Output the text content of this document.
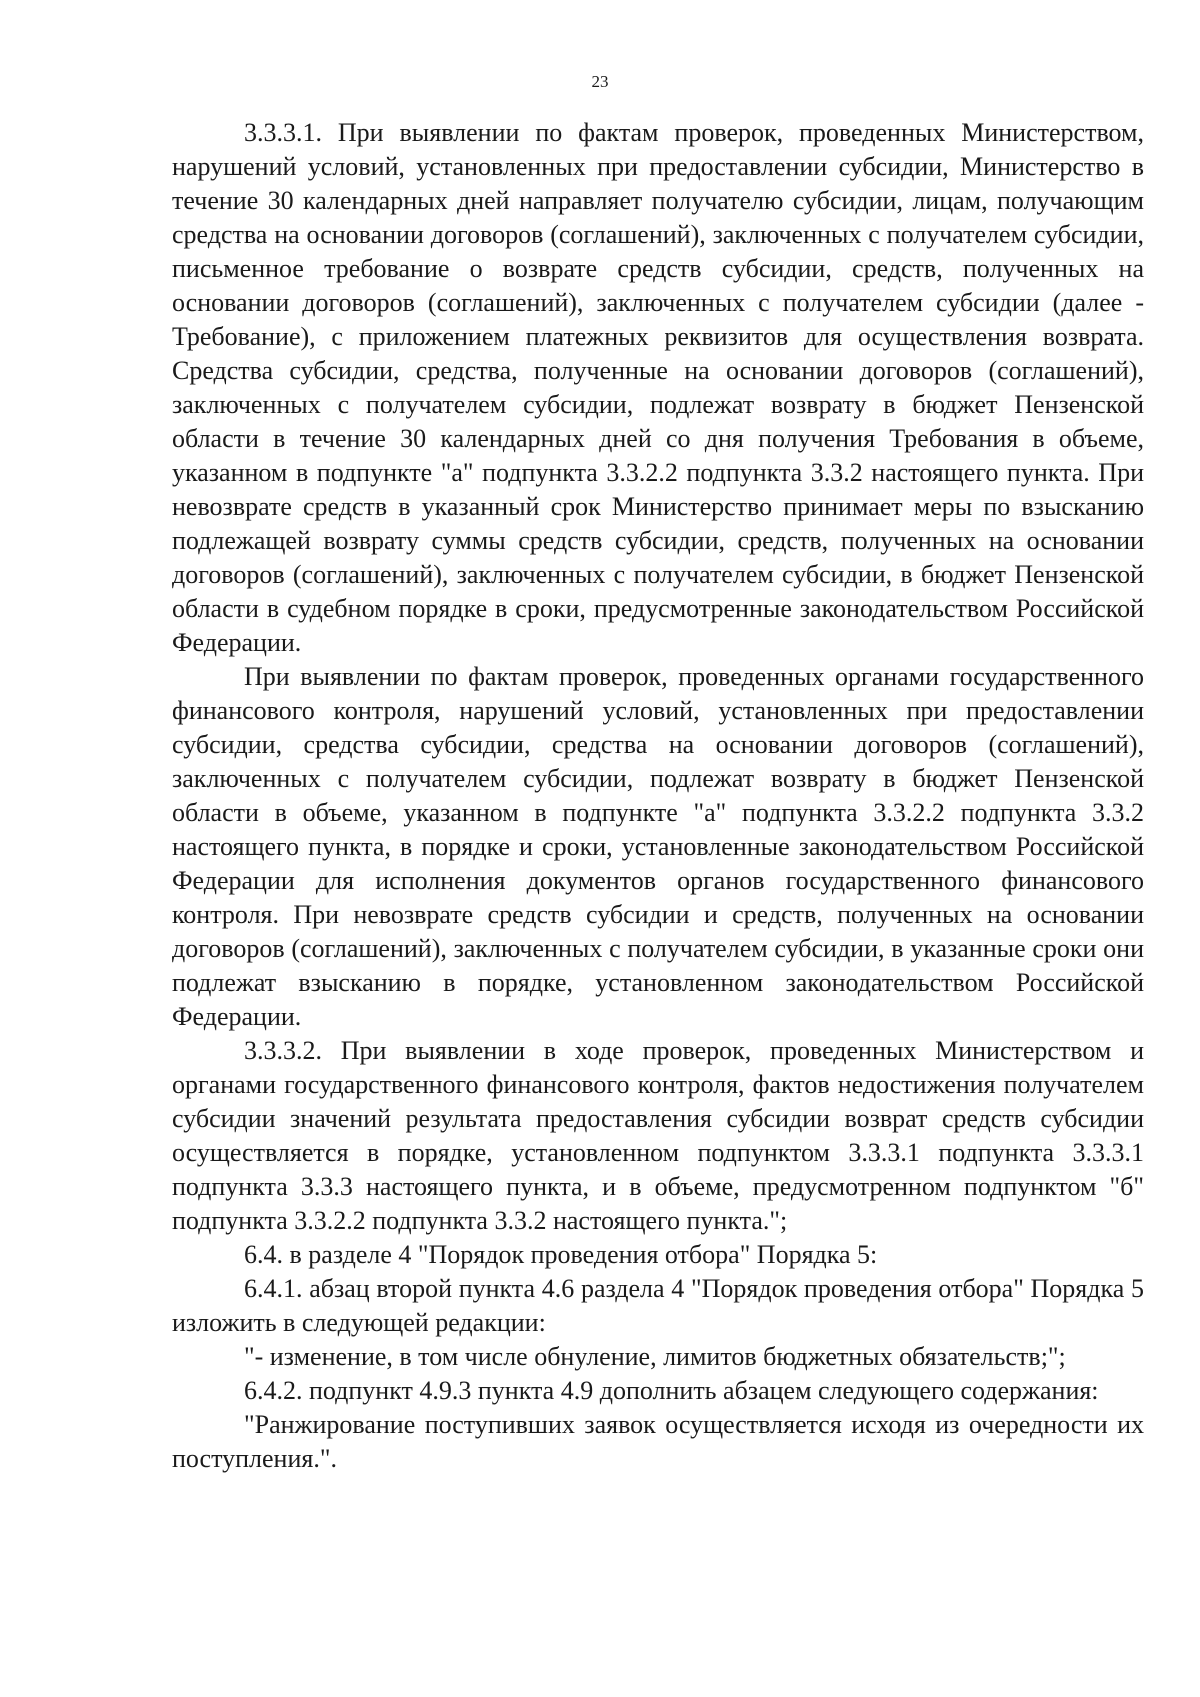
23

3.3.3.1. При выявлении по фактам проверок, проведенных Министерством, нарушений условий, установленных при предоставлении субсидии, Министерство в течение 30 календарных дней направляет получателю субсидии, лицам, получающим средства на основании договоров (соглашений), заключенных с получателем субсидии, письменное требование о возврате средств субсидии, средств, полученных на основании договоров (соглашений), заключенных с получателем субсидии (далее - Требование), с приложением платежных реквизитов для осуществления возврата. Средства субсидии, средства, полученные на основании договоров (соглашений), заключенных с получателем субсидии, подлежат возврату в бюджет Пензенской области в течение 30 календарных дней со дня получения Требования в объеме, указанном в подпункте "а" подпункта 3.3.2.2 подпункта 3.3.2 настоящего пункта. При невозврате средств в указанный срок Министерство принимает меры по взысканию подлежащей возврату суммы средств субсидии, средств, полученных на основании договоров (соглашений), заключенных с получателем субсидии, в бюджет Пензенской области в судебном порядке в сроки, предусмотренные законодательством Российской Федерации.

При выявлении по фактам проверок, проведенных органами государственного финансового контроля, нарушений условий, установленных при предоставлении субсидии, средства субсидии, средства на основании договоров (соглашений), заключенных с получателем субсидии, подлежат возврату в бюджет Пензенской области в объеме, указанном в подпункте "а" подпункта 3.3.2.2 подпункта 3.3.2 настоящего пункта, в порядке и сроки, установленные законодательством Российской Федерации для исполнения документов органов государственного финансового контроля. При невозврате средств субсидии и средств, полученных на основании договоров (соглашений), заключенных с получателем субсидии, в указанные сроки они подлежат взысканию в порядке, установленном законодательством Российской Федерации.

3.3.3.2. При выявлении в ходе проверок, проведенных Министерством и органами государственного финансового контроля, фактов недостижения получателем субсидии значений результата предоставления субсидии возврат средств субсидии осуществляется в порядке, установленном подпунктом 3.3.3.1 подпункта 3.3.3.1 подпункта 3.3.3 настоящего пункта, и в объеме, предусмотренном подпунктом "б" подпункта 3.3.2.2 подпункта 3.3.2 настоящего пункта.";

6.4. в разделе 4 "Порядок проведения отбора" Порядка 5:

6.4.1. абзац второй пункта 4.6 раздела 4 "Порядок проведения отбора" Порядка 5 изложить в следующей редакции:

"- изменение, в том числе обнуление, лимитов бюджетных обязательств;";

6.4.2. подпункт 4.9.3 пункта 4.9 дополнить абзацем следующего содержания:

"Ранжирование поступивших заявок осуществляется исходя из очередности их поступления.".
